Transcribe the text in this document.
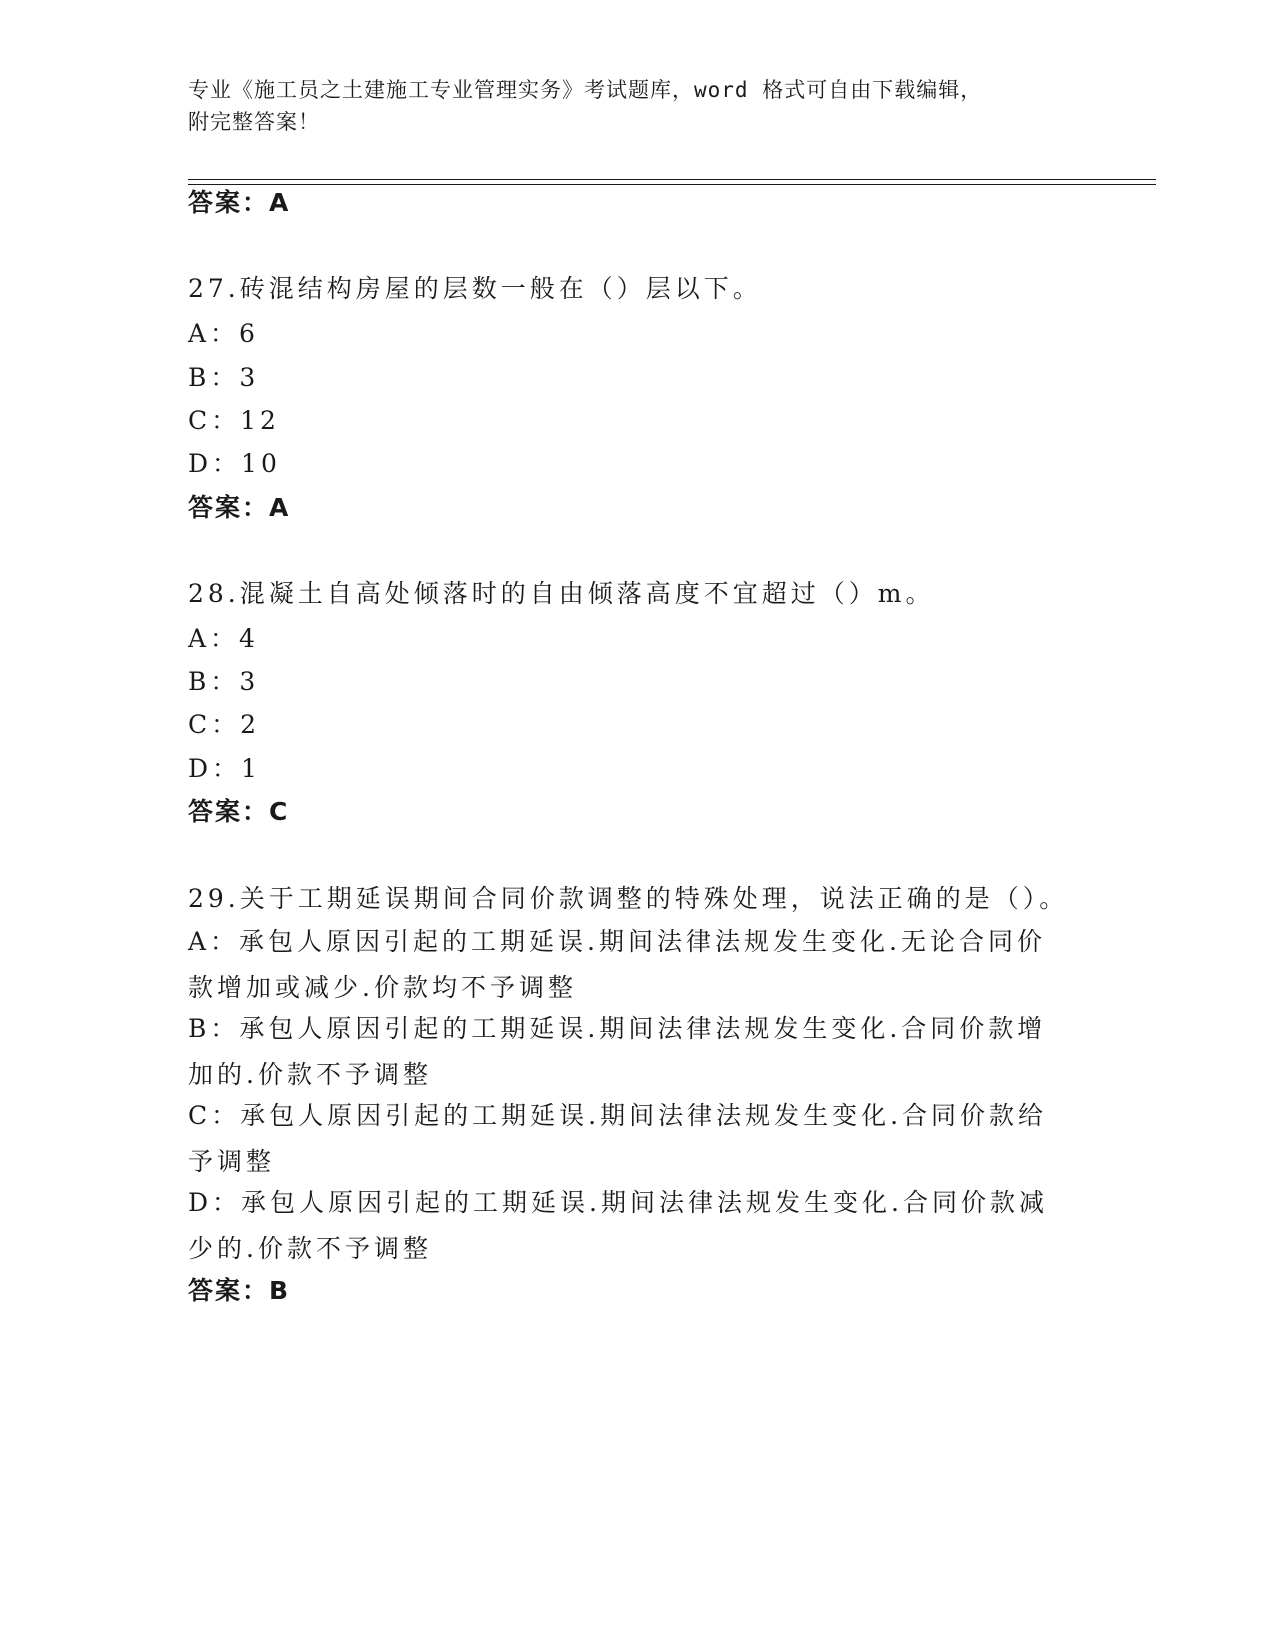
专业《施工员之土建施工专业管理实务》考试题库，word 格式可自由下载编辑，
附完整答案！
答案：A
27.砖混结构房屋的层数一般在（）层以下。
A：6
B：3
C：12
D：10
答案：A
28.混凝土自高处倾落时的自由倾落高度不宜超过（）m。
A：4
B：3
C：2
D：1
答案：C
29.关于工期延误期间合同价款调整的特殊处理，说法正确的是（）。
A：承包人原因引起的工期延误.期间法律法规发生变化.无论合同价款增加或减少.价款均不予调整
B：承包人原因引起的工期延误.期间法律法规发生变化.合同价款增加的.价款不予调整
C：承包人原因引起的工期延误.期间法律法规发生变化.合同价款给予调整
D：承包人原因引起的工期延误.期间法律法规发生变化.合同价款减少的.价款不予调整
答案：B
